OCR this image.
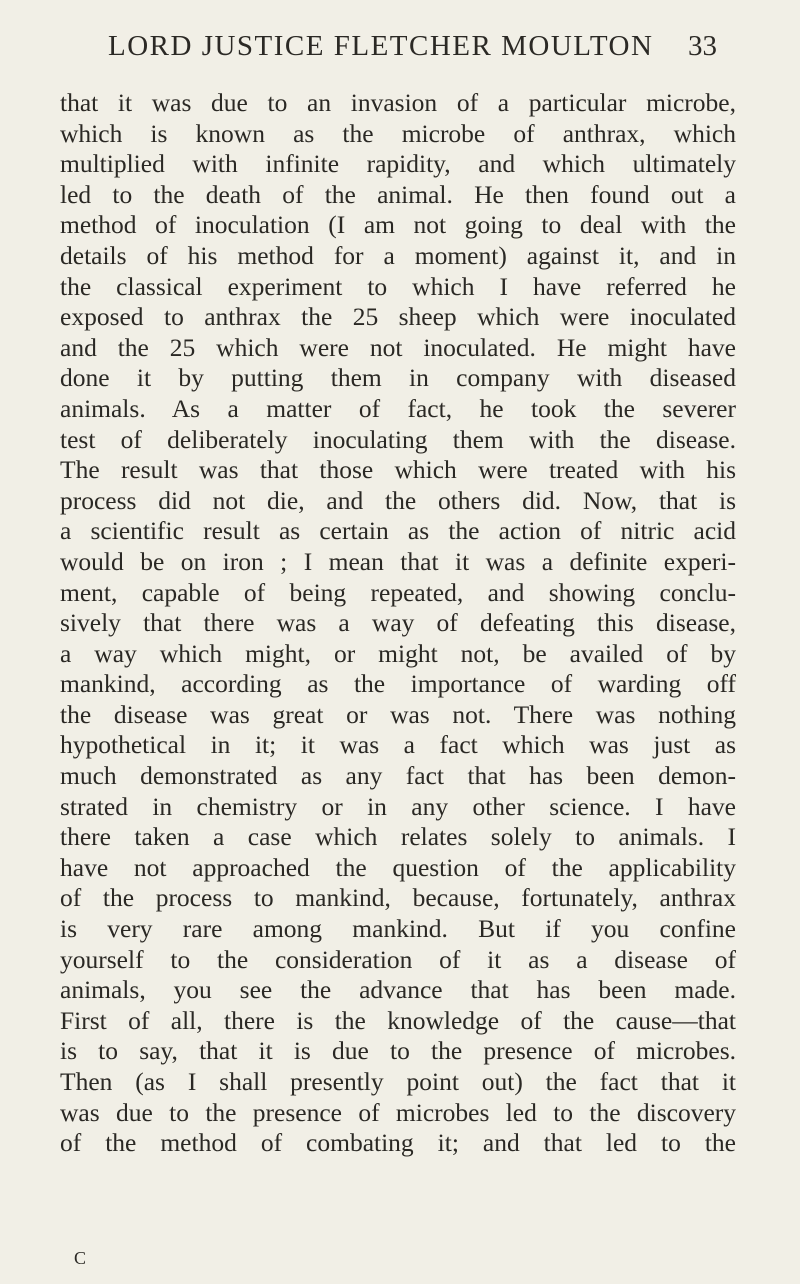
LORD JUSTICE FLETCHER MOULTON	33
that it was due to an invasion of a particular microbe,
which is known as the microbe of anthrax, which
multiplied with infinite rapidity, and which ultimately
led to the death of the animal. He then found out a
method of inoculation (I am not going to deal with the
details of his method for a moment) against it, and in
the classical experiment to which I have referred he
exposed to anthrax the 25 sheep which were inoculated
and the 25 which were not inoculated. He might have
done it by putting them in company with diseased
animals. As a matter of fact, he took the severer
test of deliberately inoculating them with the disease.
The result was that those which were treated with his
process did not die, and the others did. Now, that is
a scientific result as certain as the action of nitric acid
would be on iron ; I mean that it was a definite experi-
ment, capable of being repeated, and showing conclu-
sively that there was a way of defeating this disease,
a way which might, or might not, be availed of by
mankind, according as the importance of warding off
the disease was great or was not. There was nothing
hypothetical in it; it was a fact which was just as
much demonstrated as any fact that has been demon-
strated in chemistry or in any other science. I have
there taken a case which relates solely to animals. I
have not approached the question of the applicability
of the process to mankind, because, fortunately, anthrax
is very rare among mankind. But if you confine
yourself to the consideration of it as a disease of
animals, you see the advance that has been made.
First of all, there is the knowledge of the cause—that
is to say, that it is due to the presence of microbes.
Then (as I shall presently point out) the fact that it
was due to the presence of microbes led to the discovery
of the method of combating it; and that led to the
C
